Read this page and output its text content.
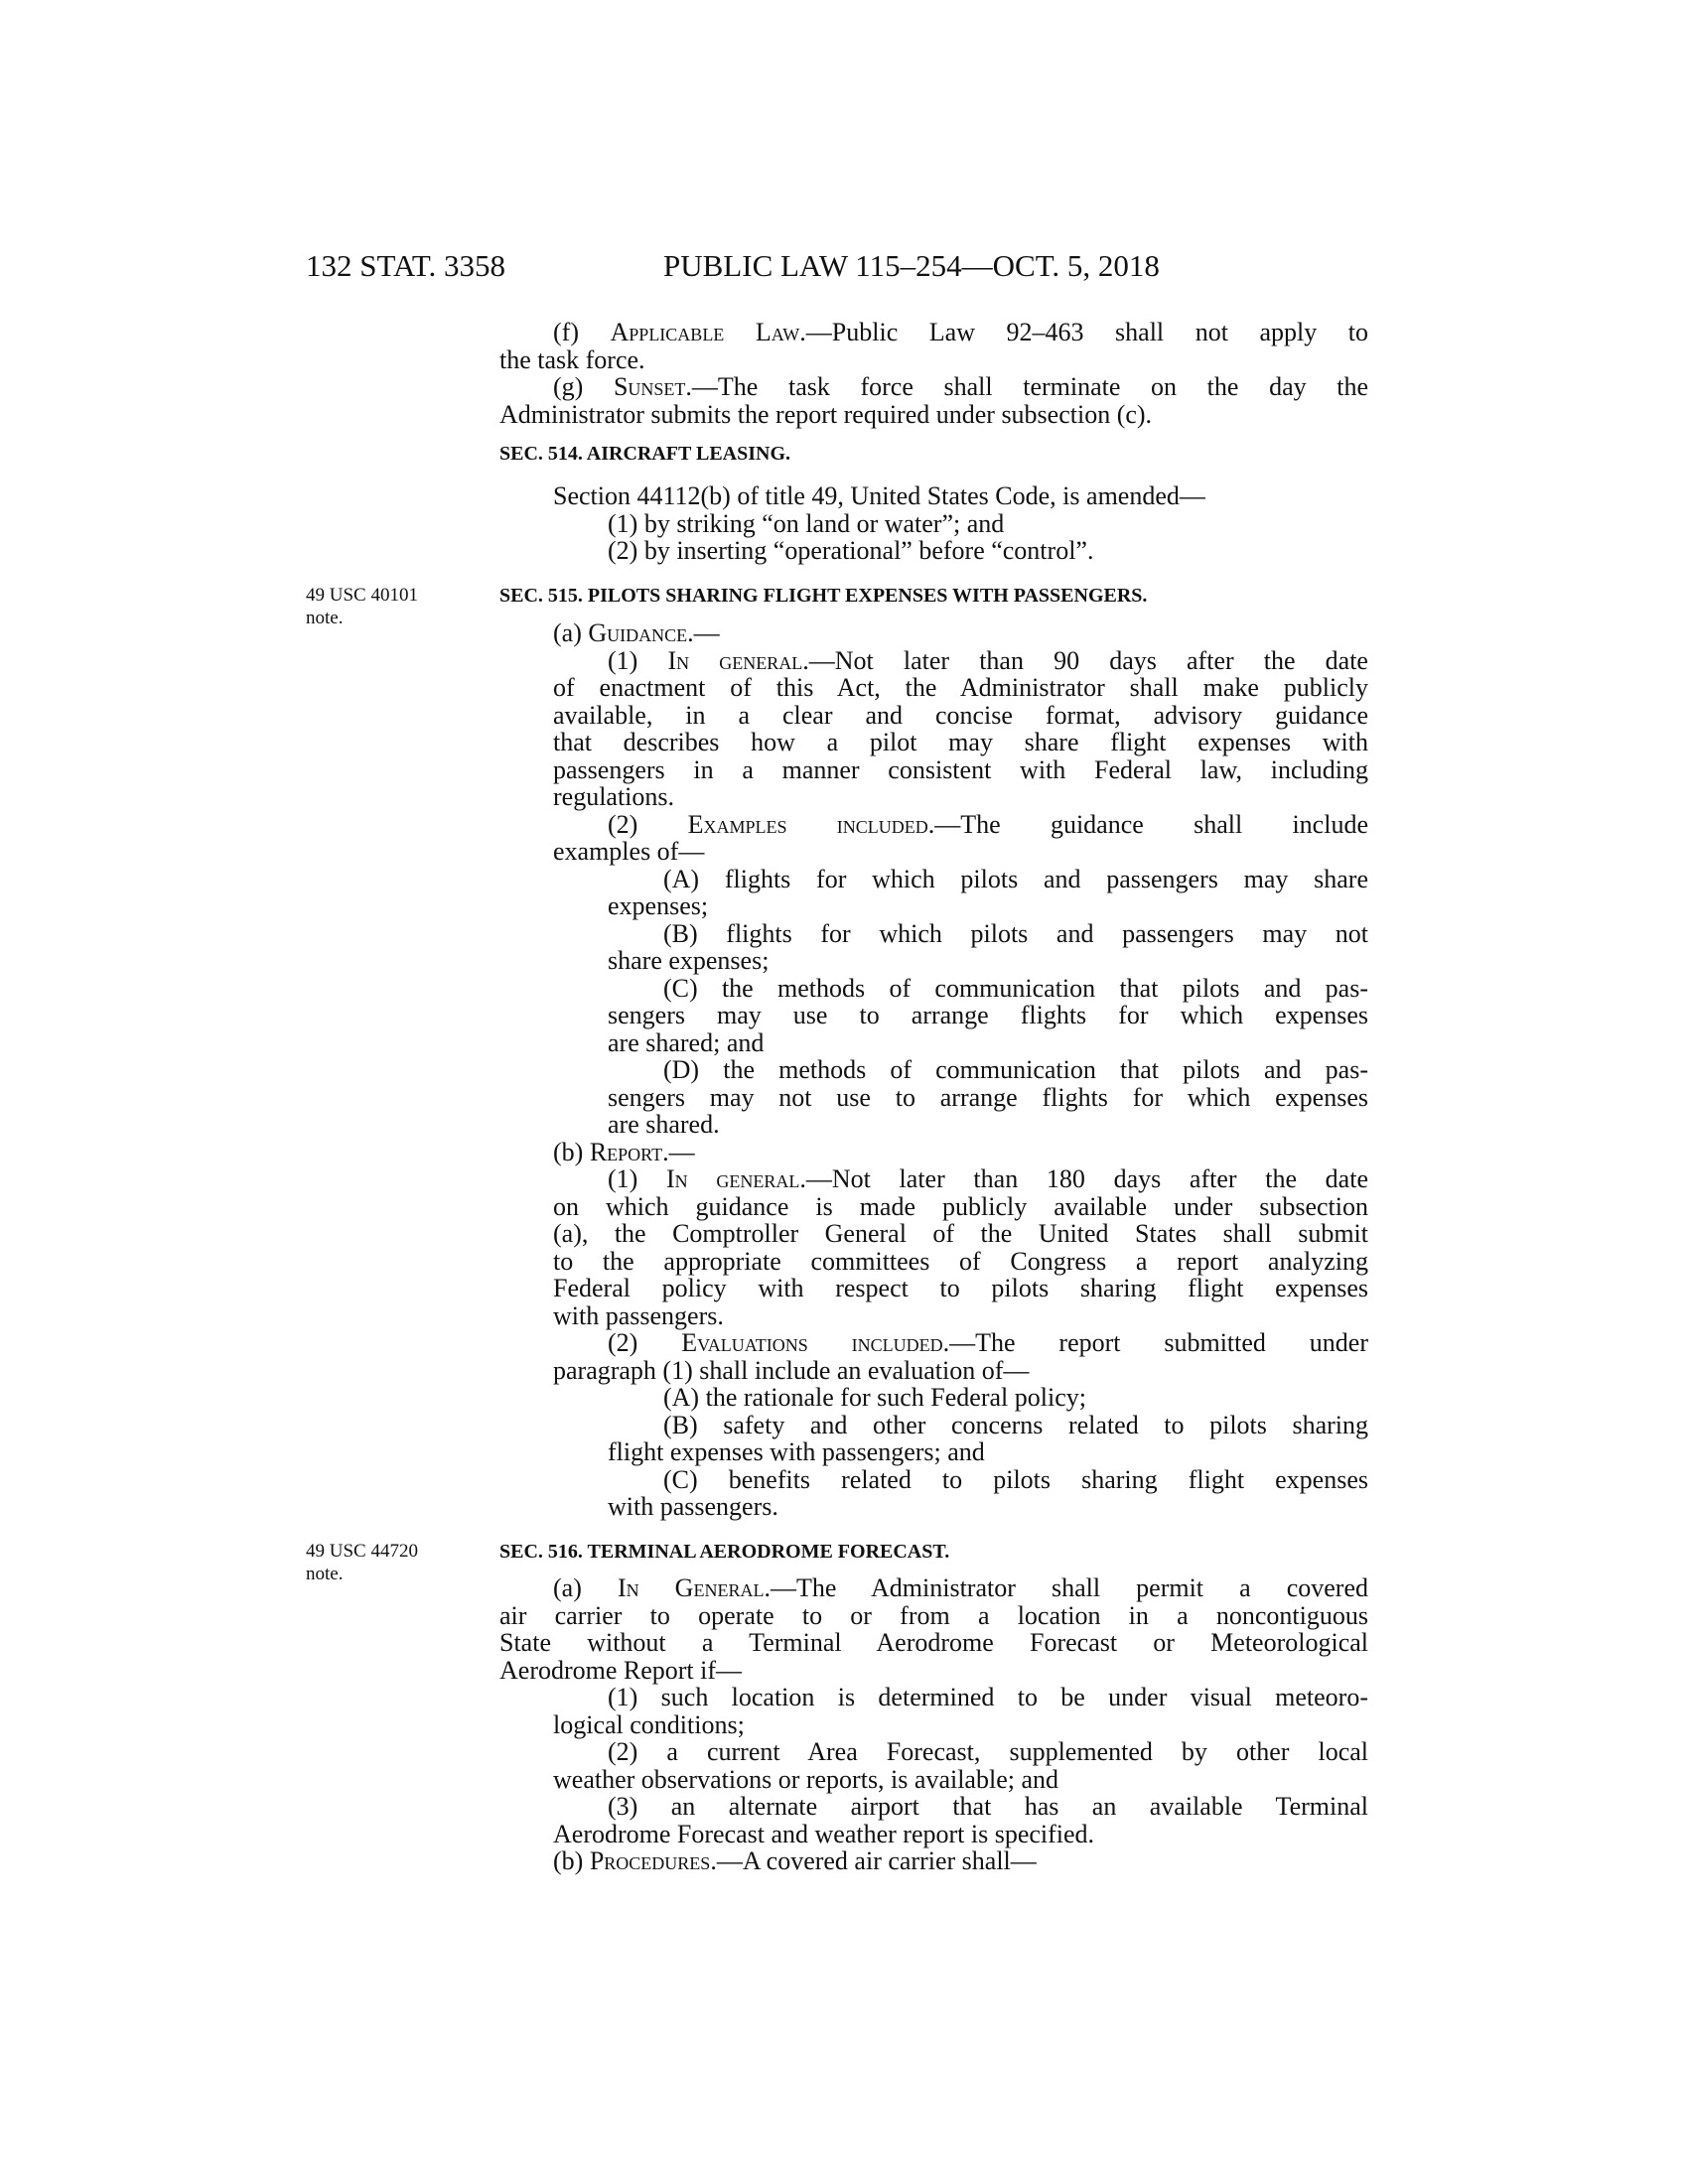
132 STAT. 3358	PUBLIC LAW 115–254—OCT. 5, 2018
(f) Applicable Law.—Public Law 92–463 shall not apply to
the task force.
(g) Sunset.—The task force shall terminate on the day the
Administrator submits the report required under subsection (c).
SEC. 514. AIRCRAFT LEASING.
Section 44112(b) of title 49, United States Code, is amended—
(1) by striking “on land or water”; and
(2) by inserting “operational” before “control”.
49 USC 40101
note.
SEC. 515. PILOTS SHARING FLIGHT EXPENSES WITH PASSENGERS.
(a) Guidance.—
(1) In general.—Not later than 90 days after the date
of enactment of this Act, the Administrator shall make publicly
available, in a clear and concise format, advisory guidance
that describes how a pilot may share flight expenses with
passengers in a manner consistent with Federal law, including
regulations.
(2) Examples included.—The guidance shall include
examples of—
(A) flights for which pilots and passengers may share
expenses;
(B) flights for which pilots and passengers may not
share expenses;
(C) the methods of communication that pilots and pas-
sengers may use to arrange flights for which expenses
are shared; and
(D) the methods of communication that pilots and pas-
sengers may not use to arrange flights for which expenses
are shared.
(b) Report.—
(1) In general.—Not later than 180 days after the date
on which guidance is made publicly available under subsection
(a), the Comptroller General of the United States shall submit
to the appropriate committees of Congress a report analyzing
Federal policy with respect to pilots sharing flight expenses
with passengers.
(2) Evaluations included.—The report submitted under
paragraph (1) shall include an evaluation of—
(A) the rationale for such Federal policy;
(B) safety and other concerns related to pilots sharing
flight expenses with passengers; and
(C) benefits related to pilots sharing flight expenses
with passengers.
49 USC 44720
note.
SEC. 516. TERMINAL AERODROME FORECAST.
(a) In General.—The Administrator shall permit a covered
air carrier to operate to or from a location in a noncontiguous
State without a Terminal Aerodrome Forecast or Meteorological
Aerodrome Report if—
(1) such location is determined to be under visual meteoro-
logical conditions;
(2) a current Area Forecast, supplemented by other local
weather observations or reports, is available; and
(3) an alternate airport that has an available Terminal
Aerodrome Forecast and weather report is specified.
(b) Procedures.—A covered air carrier shall—
